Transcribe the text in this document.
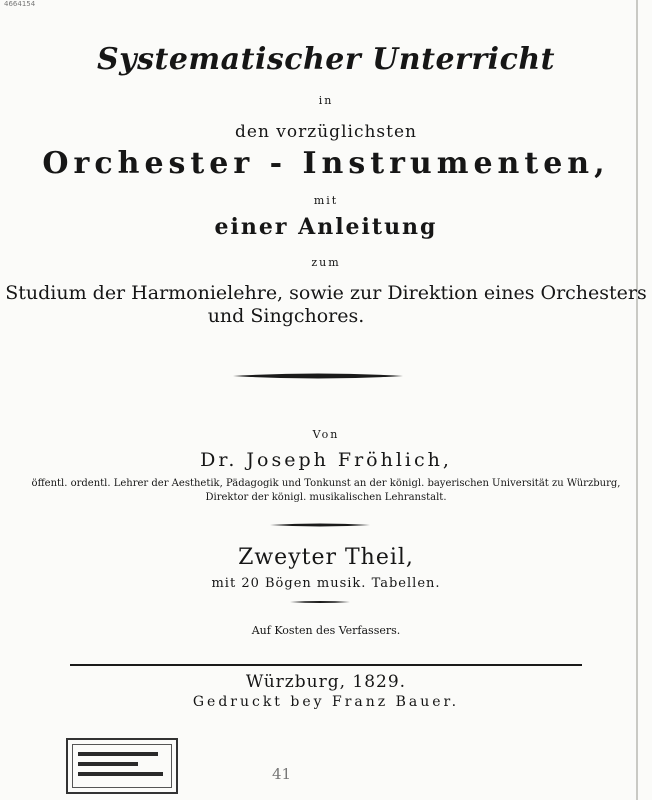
4664154
Systematischer Unterricht
in
den vorzüglichsten
Orchester - Instrumenten,
mit
einer Anleitung
zum
Studium der Harmonielehre, sowie zur Direktion eines Orchesters
und Singchores.
Von
Dr. Joseph Fröhlich,
öffentl. ordentl. Lehrer der Aesthetik, Pädagogik und Tonkunst an der königl. bayerischen Universität zu Würzburg,
Direktor der königl. musikalischen Lehranstalt.
Zweyter Theil,
mit 20 Bögen musik. Tabellen.
Auf Kosten des Verfassers.
Würzburg, 1829.
Gedruckt bey Franz Bauer.
41
